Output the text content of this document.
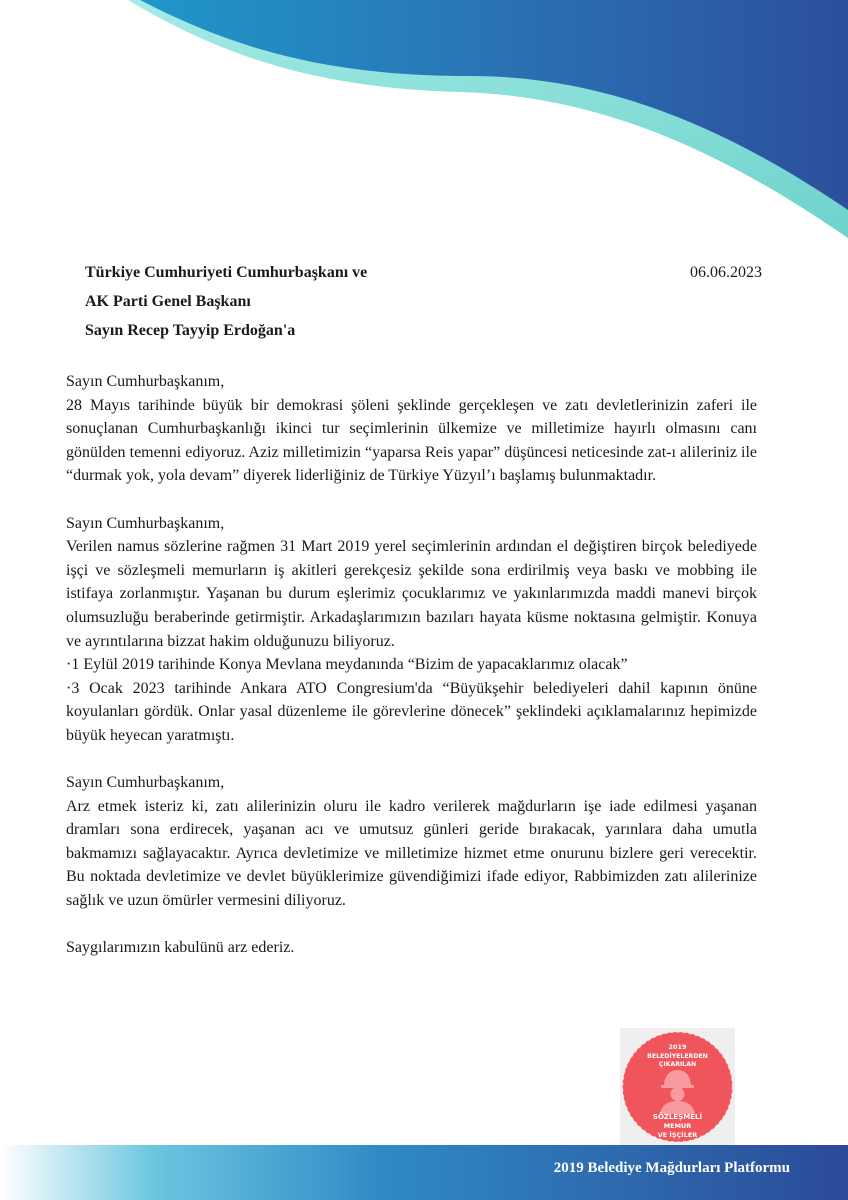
Türkiye Cumhuriyeti Cumhurbaşkanı ve
AK Parti Genel Başkanı
Sayın Recep Tayyip Erdoğan'a
06.06.2023

Sayın Cumhurbaşkanım,

28 Mayıs tarihinde büyük bir demokrasi şöleni şeklinde gerçekleşen ve zatı devletlerinizin zaferi ile sonuçlanan Cumhurbaşkanlığı ikinci tur seçimlerinin ülkemize ve milletimize hayırlı olmasını canı gönülden temenni ediyoruz. Aziz milletimizin “yaparsa Reis yapar” düşüncesi neticesinde zat-ı alileriniz ile “durmak yok, yola devam” diyerek liderliğiniz de Türkiye Yüzyıl’ı başlamış bulunmaktadır.

Sayın Cumhurbaşkanım,

Verilen namus sözlerine rağmen 31 Mart 2019 yerel seçimlerinin ardından el değiştiren birçok belediyede işçi ve sözleşmeli memurların iş akitleri gerekçesiz şekilde sona erdirilmiş veya baskı ve mobbing ile istifaya zorlanmıştır. Yaşanan bu durum eşlerimiz çocuklarımız ve yakınlarımızda maddi manevi birçok olumsuzluğu beraberinde getirmiştir. Arkadaşlarımızın bazıları hayata küsme noktasına gelmiştir. Konuya ve ayrıntılarına bizzat hakim olduğunuzu biliyoruz.

·1 Eylül 2019 tarihinde Konya Mevlana meydanında “Bizim de yapacaklarımız olacak”

·3 Ocak 2023 tarihinde Ankara ATO Congresium'da “Büyükşehir belediyeleri dahil kapının önüne koyulanları gördük. Onlar yasal düzenleme ile görevlerine dönecek” şeklindeki açıklamalarınız hepimizde büyük heyecan yaratmıştı.

Sayın Cumhurbaşkanım,

Arz etmek isteriz ki, zatı alilerinizin oluru ile kadro verilerek mağdurların işe iade edilmesi yaşanan dramları sona erdirecek, yaşanan acı ve umutsuz günleri geride bırakacak, yarınlara daha umutla bakmamızı sağlayacaktır. Ayrıca devletimize ve milletimize hizmet etme onurunu bizlere geri verecektir. Bu noktada devletimize ve devlet büyüklerimize güvendiğimizi ifade ediyor, Rabbimizden zatı alilerinize sağlık ve uzun ömürler vermesini diliyoruz.

Saygılarımızın kabulünü arz ederiz.

2019
BELEDİYELERDEN
ÇIKARILAN
SÖZLEŞMELİ
MEMUR
VE İŞÇİLER
2019 Belediye Mağdurları Platformu
